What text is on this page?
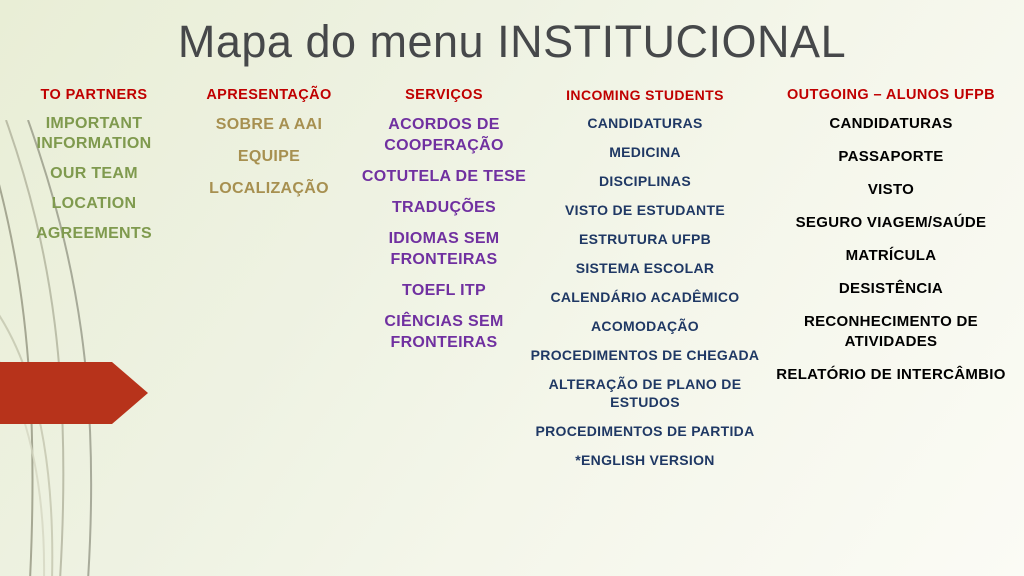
Mapa do menu INSTITUCIONAL
TO PARTNERS
IMPORTANT INFORMATION
OUR TEAM
LOCATION
AGREEMENTS
APRESENTAÇÃO
SOBRE A AAI
EQUIPE
LOCALIZAÇÃO
SERVIÇOS
ACORDOS DE COOPERAÇÃO
COTUTELA DE TESE
TRADUÇÕES
IDIOMAS SEM FRONTEIRAS
TOEFL ITP
CIÊNCIAS SEM FRONTEIRAS
INCOMING STUDENTS
CANDIDATURAS
MEDICINA
DISCIPLINAS
VISTO DE ESTUDANTE
ESTRUTURA UFPB
SISTEMA ESCOLAR
CALENDÁRIO ACADÊMICO
ACOMODAÇÃO
PROCEDIMENTOS DE CHEGADA
ALTERAÇÃO DE PLANO DE ESTUDOS
PROCEDIMENTOS DE PARTIDA
*ENGLISH VERSION
OUTGOING – ALUNOS UFPB
CANDIDATURAS
PASSAPORTE
VISTO
SEGURO VIAGEM/SAÚDE
MATRÍCULA
DESISTÊNCIA
RECONHECIMENTO DE ATIVIDADES
RELATÓRIO DE INTERCÂMBIO
